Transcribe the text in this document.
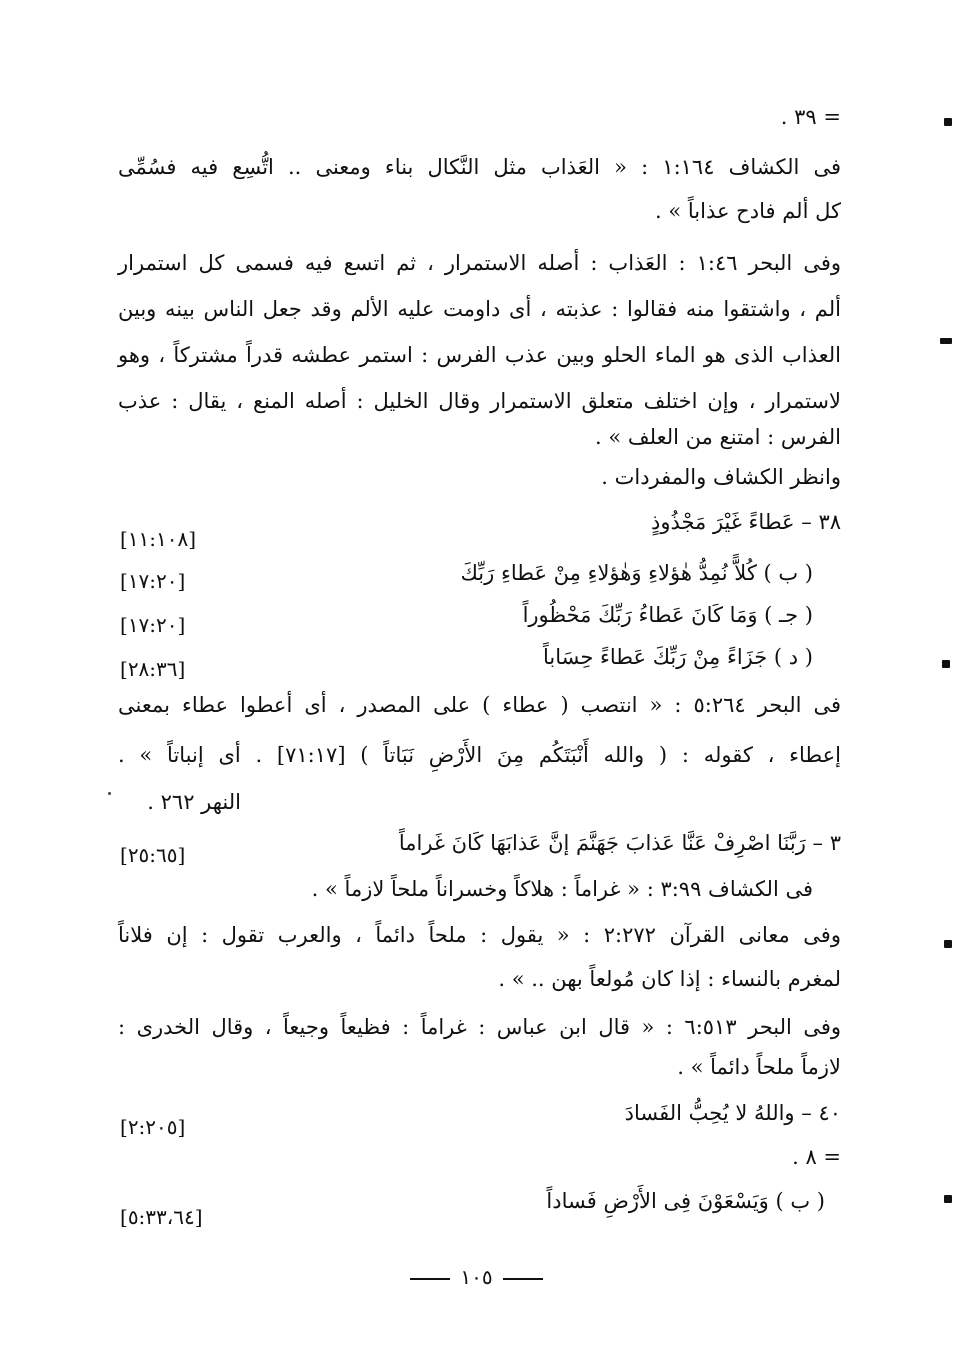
= ٣٩ .
فى الكشاف ١:١٦٤ : « العَذاب مثل النَّكال بناء ومعنى .. اتُّسِع فيه فسُمِّى
كل ألم فادح عذاباً » .
وفى البحر ١:٤٦ : العَذاب : أصله الاستمرار ، ثم اتسع فيه فسمى كل استمرار
ألم ، واشتقوا منه فقالوا : عذبته ، أى داومت عليه الألم وقد جعل الناس بينه وبين
العذاب الذى هو الماء الحلو وبين عذب الفرس : استمر عطشه قدراً مشتركاً ، وهو
لاستمرار ، وإن اختلف متعلق الاستمرار وقال الخليل : أصله المنع ، يقال : عذب
الفرس : امتنع من العلف » .
وانظر الكشاف والمفردات .
٣٨ – عَطاءً غَيْرَ مَجْذُوذٍ
[١١:١٠٨]
( ب ) كُلاًّ نُمِدُّ هٰؤلاءِ وَهٰؤلاءِ مِنْ عَطاءِ رَبِّكَ
[١٧:٢٠]
( جـ ) وَمَا كَانَ عَطاءُ رَبِّكَ مَحْظُوراً
[١٧:٢٠]
( د ) جَزَاءً مِنْ رَبِّكَ عَطاءً حِسَاباً
[٢٨:٣٦]
فى البحر ٥:٢٦٤ : « انتصب ( عطاء ) على المصدر ، أى أعطوا عطاء بمعنى
إعطاء ، كقوله : ( والله أَنْبَتَكُم مِنَ الأَرْضِ نَبَاتاً ) [٧١:١٧] . أى إنباتاً » .
النهر ٢٦٢ .
٣ – رَبَّنَا اصْرِفْ عَنَّا عَذابَ جَهَنَّمَ إنَّ عَذابَهَا كَانَ غَراماً
[٢٥:٦٥]
فى الكشاف ٣:٩٩ : « غراماً : هلاكاً وخسراناً ملحاً لازماً » .
وفى معانى القرآن ٢:٢٧٢ : « يقول : ملحاً دائماً ، والعرب تقول : إن فلاناً
لمغرم بالنساء : إذا كان مُولعاً بهن .. » .
وفى البحر ٦:٥١٣ : « قال ابن عباس : غراماً : فظيعاً وجيعاً ، وقال الخدرى :
لازماً ملحاً دائماً » .
٤٠ – واللهُ لا يُحِبُّ الفَسادَ
[٢:٢٠٥]
= ٨ .
( ب ) وَيَسْعَوْنَ فِى الأَرْضِ فَساداً
[٥:٣٣،٦٤]
١٠٥
